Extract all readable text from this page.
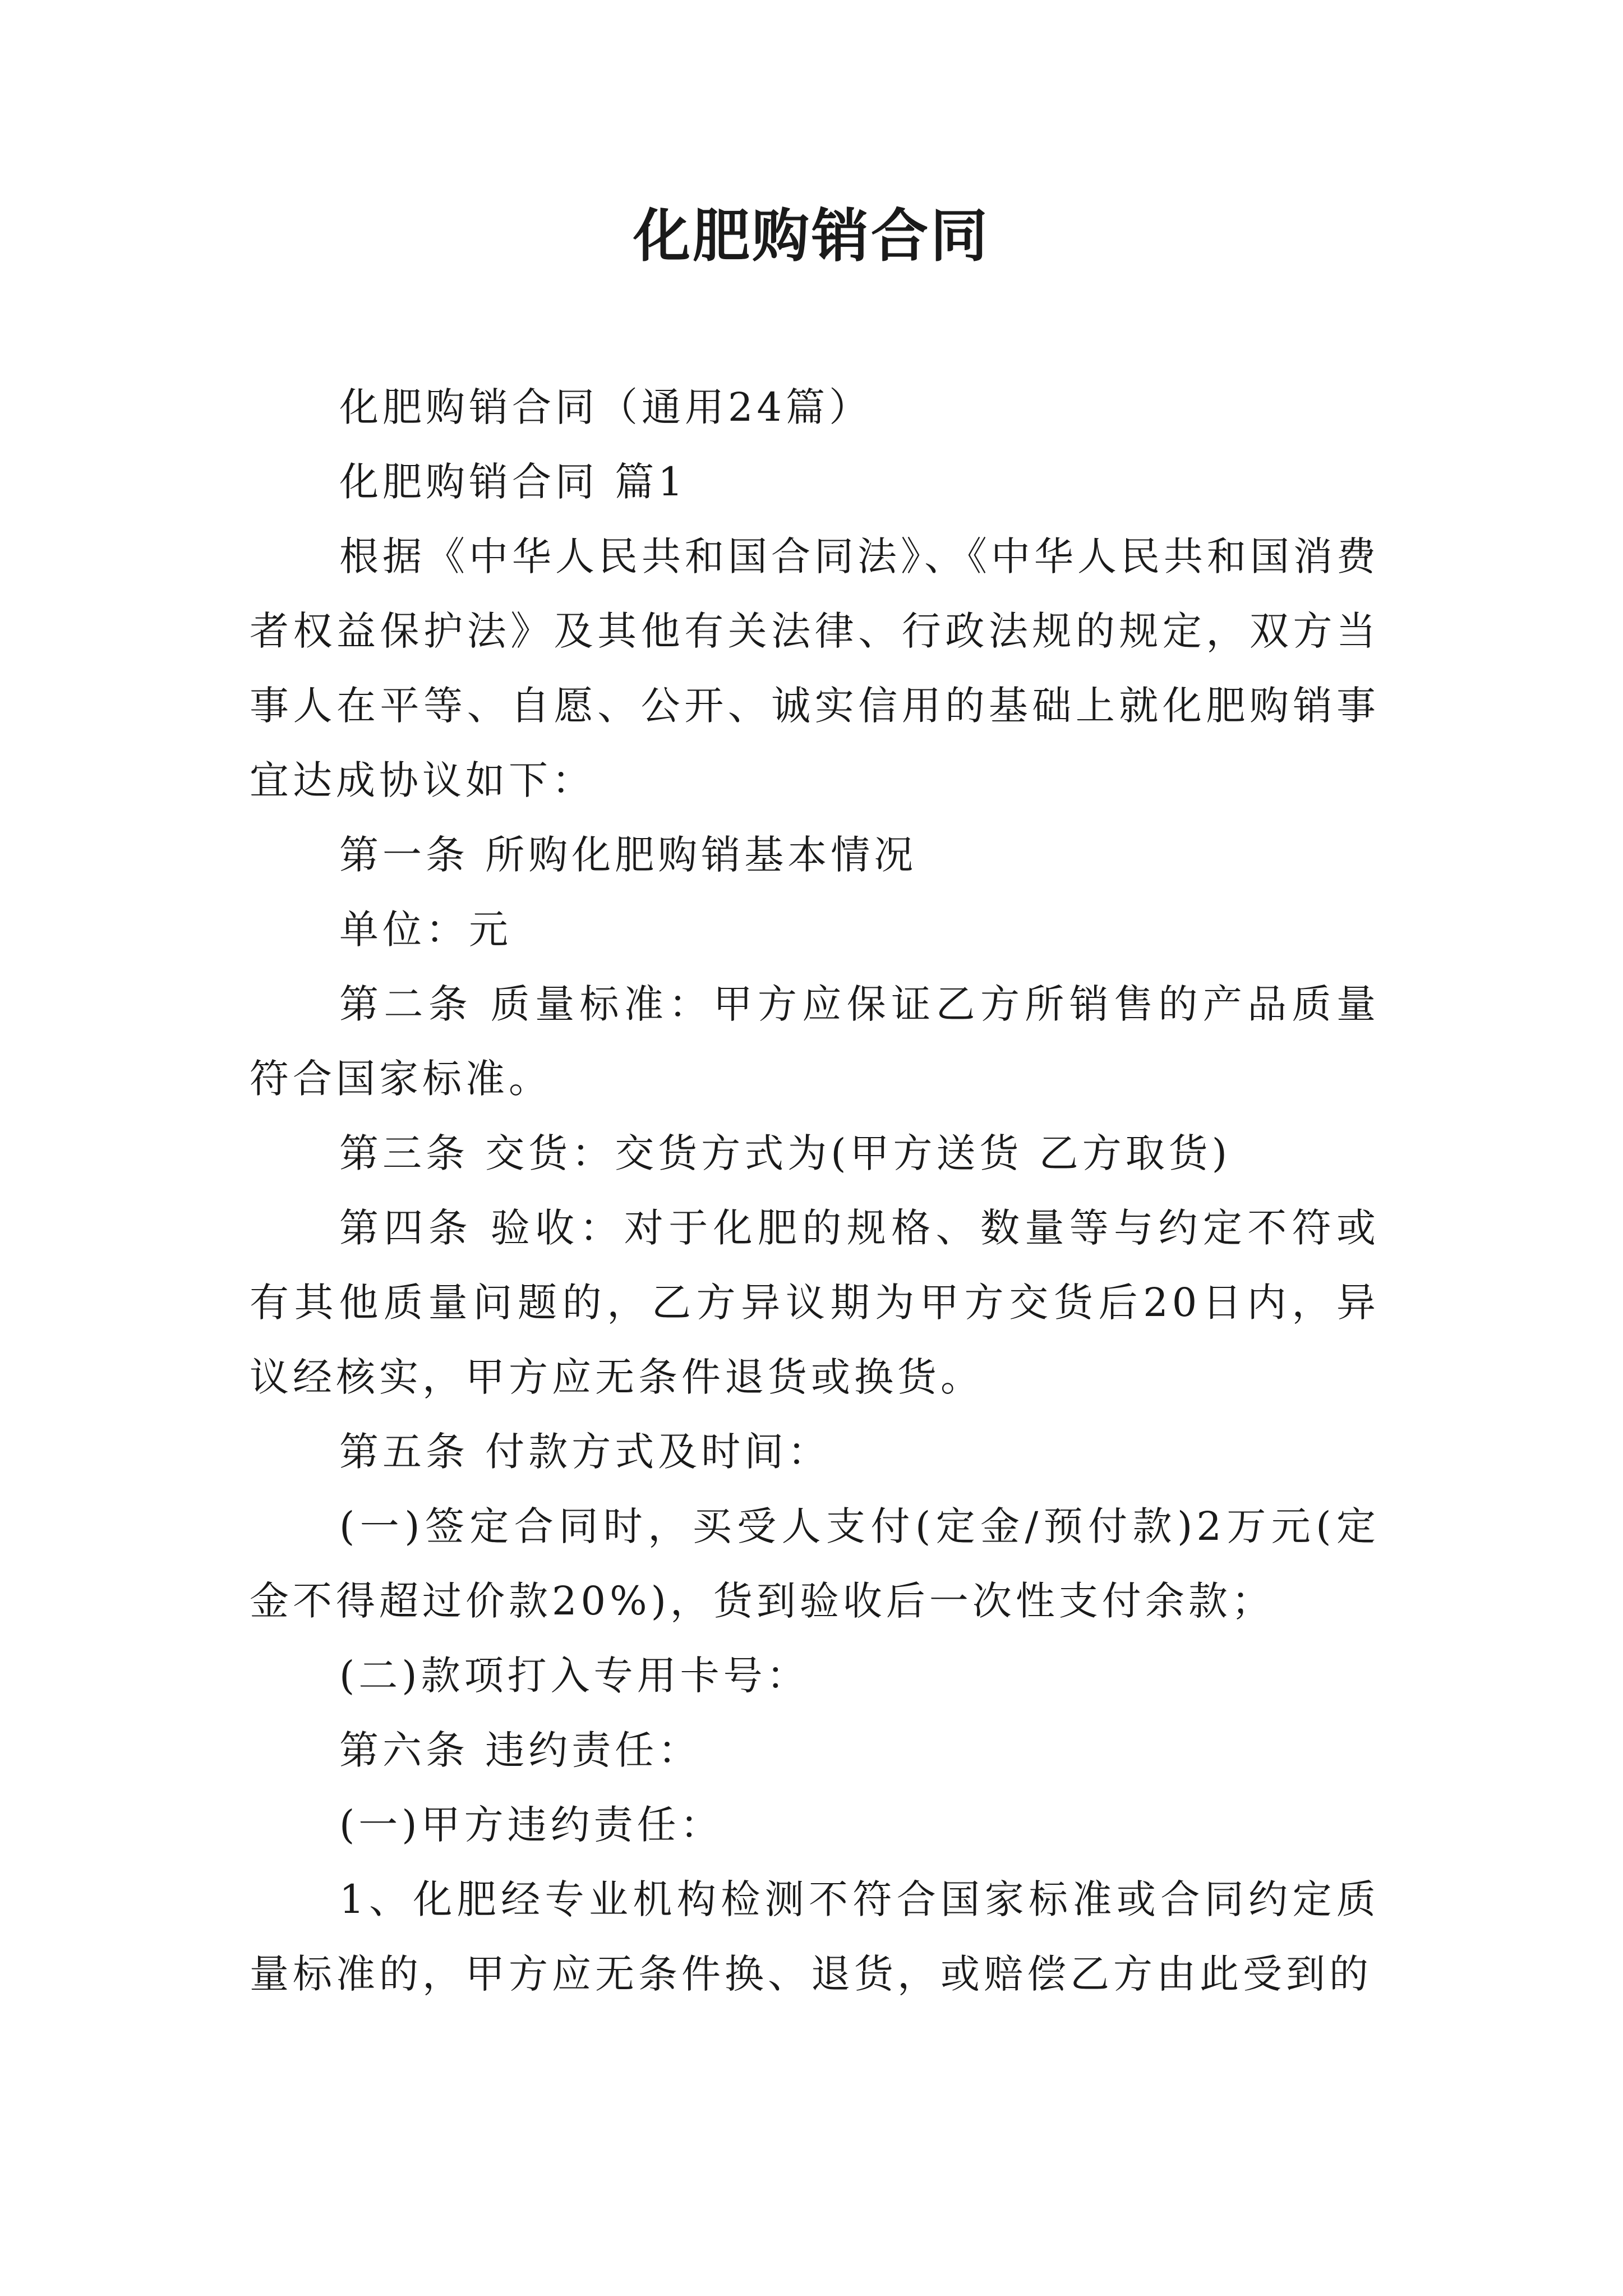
化肥购销合同

化肥购销合同（通用24篇）

化肥购销合同 篇1

根据《中华人民共和国合同法》、《中华人民共和国消费者权益保护法》及其他有关法律、行政法规的规定，双方当事人在平等、自愿、公开、诚实信用的基础上就化肥购销事宜达成协议如下：

第一条 所购化肥购销基本情况

单位：元

第二条 质量标准：甲方应保证乙方所销售的产品质量符合国家标准。

第三条 交货：交货方式为(甲方送货 乙方取货)

第四条 验收：对于化肥的规格、数量等与约定不符或有其他质量问题的，乙方异议期为甲方交货后20日内，异议经核实，甲方应无条件退货或换货。

第五条 付款方式及时间：

(一)签定合同时，买受人支付(定金/预付款)2万元(定金不得超过价款20%)，货到验收后一次性支付余款；

(二)款项打入专用卡号：

第六条 违约责任：

(一)甲方违约责任：

1、化肥经专业机构检测不符合国家标准或合同约定质量标准的，甲方应无条件换、退货，或赔偿乙方由此受到的
